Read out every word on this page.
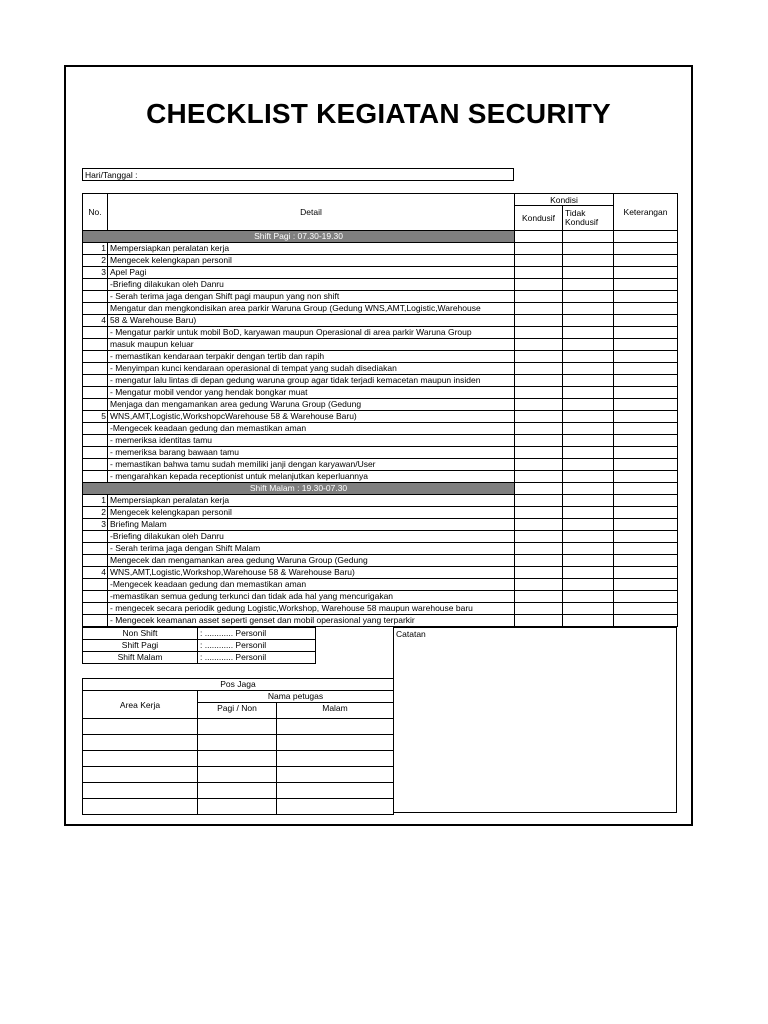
CHECKLIST KEGIATAN SECURITY
Hari/Tanggal :
No.	Detail	Kondisi		Keterangan
		Kondusif	Tidak
Kondusif	
Shift Pagi : 07.30-19.30				
1	Mempersiapkan peralatan kerja			
2	Mengecek kelengkapan personil			
3	Apel Pagi			
	-Briefing dilakukan oleh Danru			
	- Serah terima jaga dengan Shift pagi maupun yang non shift			
	Mengatur dan mengkondisikan area parkir Waruna Group (Gedung WNS,AMT,Logistic,Warehouse			
4	58 & Warehouse Baru)			
	- Mengatur parkir untuk mobil BoD, karyawan maupun Operasional di area parkir Waruna Group			
	masuk maupun keluar			
	- memastikan kendaraan terpakir dengan tertib dan rapih			
	- Menyimpan kunci kendaraan operasional di tempat yang sudah disediakan			
	- mengatur lalu lintas di depan gedung waruna group agar tidak terjadi kemacetan maupun insiden			
	- Mengatur mobil vendor yang hendak bongkar muat			
	Menjaga dan mengamankan area gedung Waruna Group (Gedung			
5	WNS,AMT,Logistic,WorkshopcWarehouse 58 & Warehouse Baru)			
	-Mengecek keadaan gedung dan memastikan aman			
	- memeriksa identitas tamu			
	- memeriksa barang bawaan tamu			
	- memastikan bahwa tamu sudah memiliki janji dengan karyawan/User			
	- mengarahkan kepada receptionist untuk melanjutkan keperluannya			
Shift Malam : 19.30-07.30				
1	Mempersiapkan peralatan kerja			
2	Mengecek kelengkapan personil			
3	Briefing Malam			
	-Briefing dilakukan oleh Danru			
	- Serah terima jaga dengan Shift Malam			
	Mengecek dan mengamankan area gedung Waruna Group (Gedung			
4	WNS,AMT,Logistic,Workshop,Warehouse 58 & Warehouse Baru)			
	-Mengecek keadaan gedung dan memastikan aman			
	-memastikan semua gedung terkunci dan tidak ada hal yang mencurigakan			
	- mengecek secara periodik gedung Logistic,Workshop, Warehouse 58 maupun warehouse baru			
	- Mengecek keamanan asset seperti genset dan mobil operasional yang terparkir			
Non Shift	: ............ Personil
Shift Pagi	: ............ Personil
Shift Malam	: ............ Personil
Pos Jaga		
Area Kerja	Nama petugas	
	Pagi / Non	Malam

Catatan
